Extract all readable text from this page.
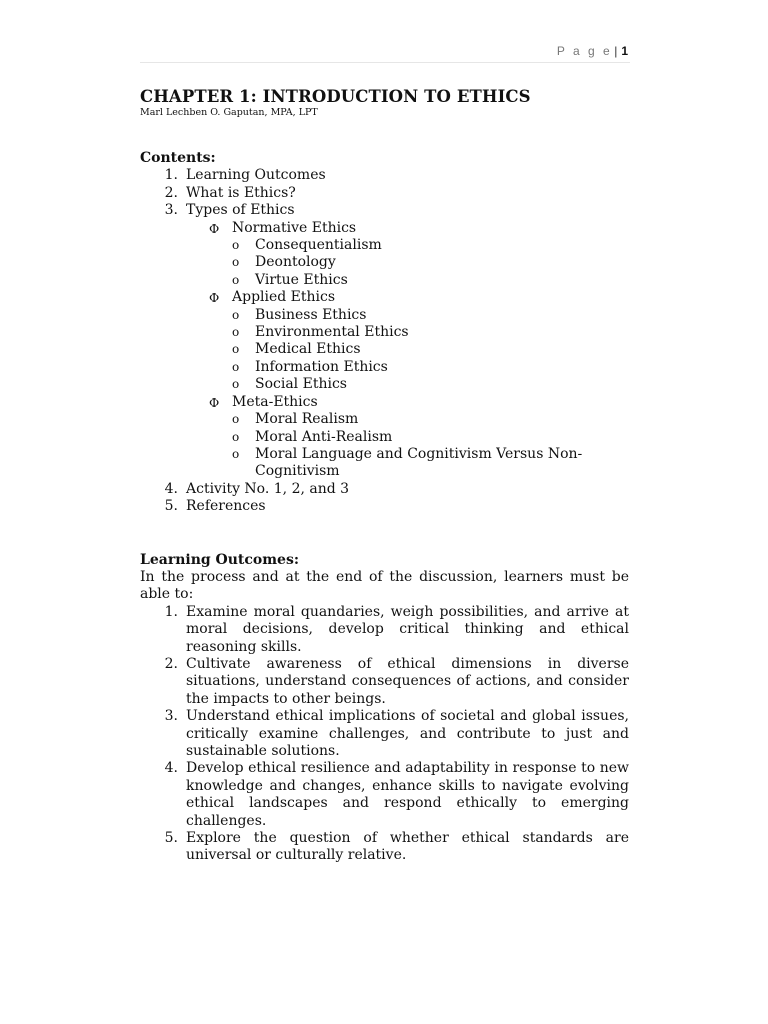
P a g e | 1
CHAPTER 1: INTRODUCTION TO ETHICS

Marl Lechben O. Gaputan, MPA, LPT

Contents:

1. Learning Outcomes
2. What is Ethics?
3. Types of Ethics
Φ Normative Ethics
o Consequentialism
o Deontology
o Virtue Ethics
Φ Applied Ethics
o Business Ethics
o Environmental Ethics
o Medical Ethics
o Information Ethics
o Social Ethics
Φ Meta-Ethics
o Moral Realism
o Moral Anti-Realism
o Moral Language and Cognitivism Versus Non-Cognitivism
4. Activity No. 1, 2, and 3
5. References

Learning Outcomes:

In the process and at the end of the discussion, learners must be able to:

1. Examine moral quandaries, weigh possibilities, and arrive at moral decisions, develop critical thinking and ethical reasoning skills.
2. Cultivate awareness of ethical dimensions in diverse situations, understand consequences of actions, and consider the impacts to other beings.
3. Understand ethical implications of societal and global issues, critically examine challenges, and contribute to just and sustainable solutions.
4. Develop ethical resilience and adaptability in response to new knowledge and changes, enhance skills to navigate evolving ethical landscapes and respond ethically to emerging challenges.
5. Explore the question of whether ethical standards are universal or culturally relative.
